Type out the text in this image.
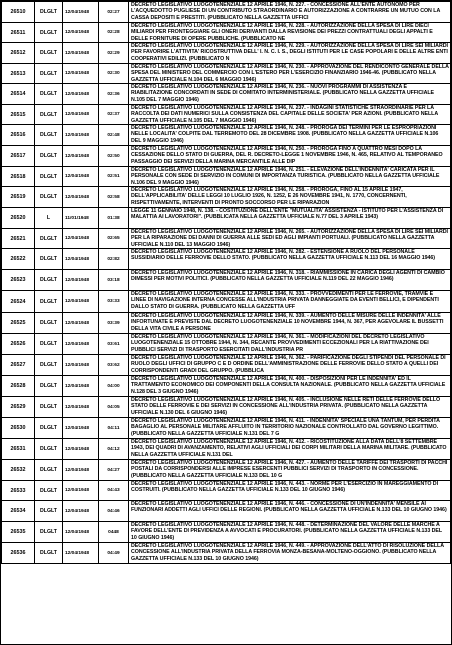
26510	DLGLT	12/04/1948	02:27	DECRETO LEGISLATIVO LUOGOTENENZIALE 12 APRILE 1946, N. 227. - CONCESSIONE ALL'ENTE AUTONOMO PER L'ACQUEDOTTO PUGLIESE DI UN CONTRIBUTO STRAORDINARIO E AUTORIZZAZIONE A CONTRARRE UN MUTUO CON LA CASSA DEPOSITI E PRESTITI. (PUBBLICATO NELLA GAZZETTA UFFICI

26511	DLGLT	12/04/1948	02:28	DECRETO LEGISLATIVO LUOGOTENENZIALE 12 APRILE 1946, N. 228. - AUTORIZZAZIONE DELLA SPESA DI LIRE DIECI MILIARDI PER FRONTEGGIARE GLI ONERI DERIVANTI DALLA REVISIONE DEI PREZZI CONTRATTUALI DEGLI APPALTI E DELLE FORNITURE DI OPERE PUBBLICHE. (PUBBLICATO NE

26512	DLGLT	12/04/1948	02:29	DECRETO LEGISLATIVO LUOGOTENENZIALE 12 APRILE 1946, N. 229. - AUTORIZZAZIONE DELLA SPESA DI LIRE SEI MILIARDI PER FAVORIRE L'ATTIVITA' RICOSTRUTTIVA DELL' I. N. C. I. S., DEGLI ISTITUTI PER LE CASE POPOLARI E DELLE ALTRE ENTI COOPERATIVI EDILIZI. (PUBBLICATO N

26513	DLGLT	12/04/1948	02:30	DECRETO LEGISLATIVO LUOGOTENENZIALE 12 APRILE 1946, N. 230. - APPROVAZIONE DEL RENDICONTO GENERALE DELLA SPESA DEL MINISTERO DEL COMMERCIO CON L'ESTERO PER L'ESERCIZIO FINANZIARIO 1946-46. (PUBBLICATO NELLA GAZZETTA UFFICIALE N.104 DEL 6 MAGGIO 1946)

26514	DLGLT	12/04/1948	02:36	DECRETO LEGISLATIVO LUOGOTENENZIALE 12 APRILE 1946, N. 236. - NUOVI PROGRAMMI DI ASSISTENZA E RIABILITAZIONE CONCORDATI IN SEDE DI COMITATO INTERMINISTERIALE. (PUBBLICATO NELLA GAZZETTA UFFICIALE N.105 DEL 7 MAGGIO 1946)

26515	DLGLT	12/04/1948	02:37	DECRETO LEGISLATIVO LUOGOTENENZIALE 12 APRILE 1946, N. 237. - INDAGINI STATISTICHE STRAORDINARIE PER LA RACCOLTA DEI DATI NUMERICI SULLA CONSISTENZA DEL CAPITALE DELLE SOCIETA' PER AZIONI. (PUBBLICATO NELLA GAZZETTA UFFICIALE N.105 DEL 7 MAGGIO 1946)

26516	DLGLT	12/04/1948	02:48	DECRETO LEGISLATIVO LUOGOTENENZIALE 12 APRILE 1946, N. 248. - PROROGA DEI TERMINI PER LE ESPROPRIAZIONI NELLE LOCALITA' COLPITE DAL TERREMOTO DEL 28 DICEMBRE 1908. (PUBBLICATO NELLA GAZZETTA UFFICIALE N.106 DEL 9 MAGGIO 1946)

26517	DLGLT	12/04/1948	02:50	DECRETO LEGISLATIVO LUOGOTENENZIALE 12 APRILE 1946, N. 250. - PROROGA FINO A QUATTRO MESI DOPO LA CESSAZIONE DELLO STATO DI GUERRA, DEL R. DECRETO-LEGGE 1 NOVEMBRE 1946, N. 465, RELATIVO AL TEMPORANEO PASSAGGIO DEI SERVIZI DELLA MARINA MERCANTILE ALLE DIP

26518	DLGLT	12/04/1948	02:51	DECRETO LEGISLATIVO LUOGOTENENZIALE 12 APRILE 1946, N. 251. - ELEVAZIONE DELL'INDENNITA' CARICATA PER IL PERSONALE CON SEDE DI SERVIZIO IN COMUNI DI IMPORTANZA TURISTICA. (PUBBLICATO NELLA GAZZETTA UFFICIALE N.106 DEL 9 MAGGIO 1946)

26519	DLGLT	12/04/1948	02:58	DECRETO LEGISLATIVO LUOGOTENENZIALE 12 APRILE 1946, N. 258. - PROROGA, FINO AL 15 APRILE 1947, DELL'APPLICABILITA' DELLE LEGGI 10 LUGLIO 1926, N. 1252, E 26 NOVEMBRE 1941, N. 1770, CONCERNENTI, RISPETTIVAMENTE, INTERVENTI DI PRONTO SOCCORSO PER LE RIPARAZION

26520	L	11/01/1948	01:38	LEGGE 11 GENNAIO 1948, N. 138. - COSTITUZIONE DELL'ENTE "MUTUALITA' ASSISTENZA - ISTITUTO PER L'ASSISTENZA DI MALATTIA AI LAVORATORI". (PUBBLICATA NELLA GAZZETTA UFFICIALE N.77 DEL 3 APRILE 1943)

26521	DLGLT	12/04/1948	02:65	DECRETO LEGISLATIVO LUOGOTENENZIALE 12 APRILE 1946, N. 265. - AUTORIZZAZIONE DELLA SPESA DI LIRE SEI MILIARDI PER LA RIPARAZIONE DEI DANNI DI GUERRA ALLE SEDI ED AGLI IMPIANTI PORTUALI. (PUBBLICATO NELLA GAZZETTA UFFICIALE N.110 DEL 13 MAGGIO 1946)

26522	DLGLT	12/04/1948	02:82	DECRETO LEGISLATIVO LUOGOTENENZIALE 12 APRILE 1946, N. 282. - ESTENSIONE A RUOLO DEL PERSONALE SUSSIDIARIO DELLE FERROVIE DELLO STATO. (PUBBLICATO NELLA GAZZETTA UFFICIALE N.113 DEL 16 MAGGIO 1946)

26523	DLGLT	12/04/1948	03:18	DECRETO LEGISLATIVO LUOGOTENENZIALE 12 APRILE 1946, N. 318. - RIAMMISSIONE IN CARICA DEGLI AGENTI DI CAMBIO DIMESSI PER MOTIVI POLITICI. (PUBBLICATO NELLA GAZZETTA UFFICIALE N.119 DEL 22 MAGGIO 1946)

26524	DLGLT	12/04/1948	03:33	DECRETO LEGISLATIVO LUOGOTENENZIALE 12 APRILE 1946, N. 333. - PROVVEDIMENTI PER LE FERROVIE, TRAMVIE E LINEE DI NAVIGAZIONE INTERNA CONCESSE ALL'INDUSTRIA PRIVATA DANNEGGIATE DA EVENTI BELLICI, E DIPENDENTI DALLO STATO DI GUERRA. (PUBBLICATO NELLA GAZZETTA UFF

26525	DLGLT	12/04/1948	03:39	DECRETO LEGISLATIVO LUOGOTENENZIALE 12 APRILE 1946, N. 339. - AUMENTO DELLE MISURE DELLE INDENNITA' ALLE INFORTUNATE E PREVISTE DAL DECRETO LUOGOTENENZIALE 10 NOVEMBRE 1944, N. 367, PER AGEVOLARE IL BUSSETTI DELLA VITA CIVILE A PERSONE

26526	DLGLT	12/04/1948	03:61	DECRETO LEGISLATIVO LUOGOTENENZIALE 12 APRILE 1946, N. 361. - MODIFICAZIONI DEL DECRETO LEGISLATIVO LUOGOTENENZIALE 15 OTTOBRE 1944, N. 344, RECANTE PROVVEDIMENTI ECCEZIONALI PER LA RIATTIVAZIONE DEI PUBBLICI SERVIZI DI TRASPORTO ESERCITATI DALL'INDUSTRIA PR

26527	DLGLT	12/04/1948	03:62	DECRETO LEGISLATIVO LUOGOTENENZIALE 12 APRILE 1946, N. 362. - PARIFICAZIONE DEGLI STIPENDI DEL PERSONALE DI RUOLO DEGLI UFFICI DI GRUPPO C E D ORDINE DELL'AMMINISTRAZIONE DELLE FERROVIE DELLO STATO A QUELLI DEI CORRISPONDENTI GRADI DEL GRUPPO. (PUBBLICA

26528	DLGLT	12/04/1948	04:00	DECRETO LEGISLATIVO LUOGOTENENZIALE 12 APRILE 1946, N. 400. - DISPOSIZIONI PER LE INDENNITA' ED IL TRATTAMENTO ECONOMICO DEI COMPONENTI DELLA CONSULTA NAZIONALE. (PUBBLICATO NELLA GAZZETTA UFFICIALE N.128 DEL 3 GIUGNO 1946)

26529	DLGLT	12/04/1948	04:05	DECRETO LEGISLATIVO LUOGOTENENZIALE 12 APRILE 1946, N. 405. - INCLUSIONE NELLE RETI DELLE FERROVIE DELLO STATO DELLE FERROVIE E DEI SERVIZI IN CONCESSIONE ALL'INDUSTRIA PRIVATA. (PUBBLICATO NELLA GAZZETTA UFFICIALE N.130 DEL 6 GIUGNO 1946)

26530	DLGLT	12/04/1948	04:11	DECRETO LEGISLATIVO LUOGOTENENZIALE 12 APRILE 1946, N. 411. - INDENNITA' SPECIALE UNA TANTUM, PER PERDITA BAGAGLIO AL PERSONALE MILITARE AFFLUITO IN TERRITORIO NAZIONALE CONTROLLATO DAL GOVERNO LEGITTIMO. (PUBBLICATO NELLA GAZZETTA UFFICIALE N.131 DEL 7 G

26531	DLGLT	12/04/1948	04:12	DECRETO LEGISLATIVO LUOGOTENENZIALE 12 APRILE 1946, N. 412. - RICOSTITUZIONE ALLA DATA DELL'8 SETTEMBRE 1943, DEI QUADRI DI AVANZAMENTO, RELATIVI AGLI UFFICIALI DEI CORPI MILITARI DELLA MARINA MILITARE. (PUBBLICATO NELLA GAZZETTA UFFICIALE N.131 DEL

26532	DLGLT	12/04/1948	04:27	DECRETO LEGISLATIVO LUOGOTENENZIALE 12 APRILE 1946, N. 427. - AUMENTO DELLE TARIFFE DEI TRASPORTI DI PACCHI POSTALI DA CORRISPONDERSI ALLE IMPRESE ESERCENTI PUBBLICI SERVIZI DI TRASPORTO IN CONCESSIONE. (PUBBLICATO NELLA GAZZETTA UFFICIALE N.133 DEL 10 G

26533	DLGLT	12/04/1948	04:43	DECRETO LEGISLATIVO LUOGOTENENZIALE 12 APRILE 1946, N. 443. - NORME PER L'ESERCIZIO IN MAREGGIAMENTO DI COSTRUITI. (PUBBLICATO NELLA GAZZETTA UFFICIALE N.133 DEL 10 GIUGNO 1946)

26534	DLGLT	12/04/1948	04:46	DECRETO LEGISLATIVO LUOGOTENENZIALE 12 APRILE 1946, N. 446. - CONCESSIONE DI UN'INDENNITA' MENSILE AI FUNZIONARI ADDETTI AGLI UFFICI DELLE REGIONI. (PUBBLICATO NELLA GAZZETTA UFFICIALE N.133 DEL 10 GIUGNO 1946)

26535	DLGLT	12/04/1948	0448	DECRETO LEGISLATIVO LUOGOTENENZIALE 12 APRILE 1946, N. 448. - DETERMINAZIONE DEL VALORE DELLE MARCHE A FAVORE DELL'ENTE DI PREVIDENZA A AVVOCATI E PROCURATORI. (PUBBLICATO NELLA GAZZETTA UFFICIALE N.133 DEL 10 GIUGNO 1946)

26536	DLGLT	12/04/1948	04:49	DECRETO LEGISLATIVO LUOGOTENENZIALE 12 APRILE 1946, N. 449. - APPROVAZIONE DELL'ATTO DI RISOLUZIONE DELLA CONCESSIONE ALL'INDUSTRIA PRIVATA DELLA FERROVIA MONZA-BESANA-MOLTENO-OGGIONO. (PUBBLICATO NELLA GAZZETTA UFFICIALE N.133 DEL 10 GIUGNO 1946)
